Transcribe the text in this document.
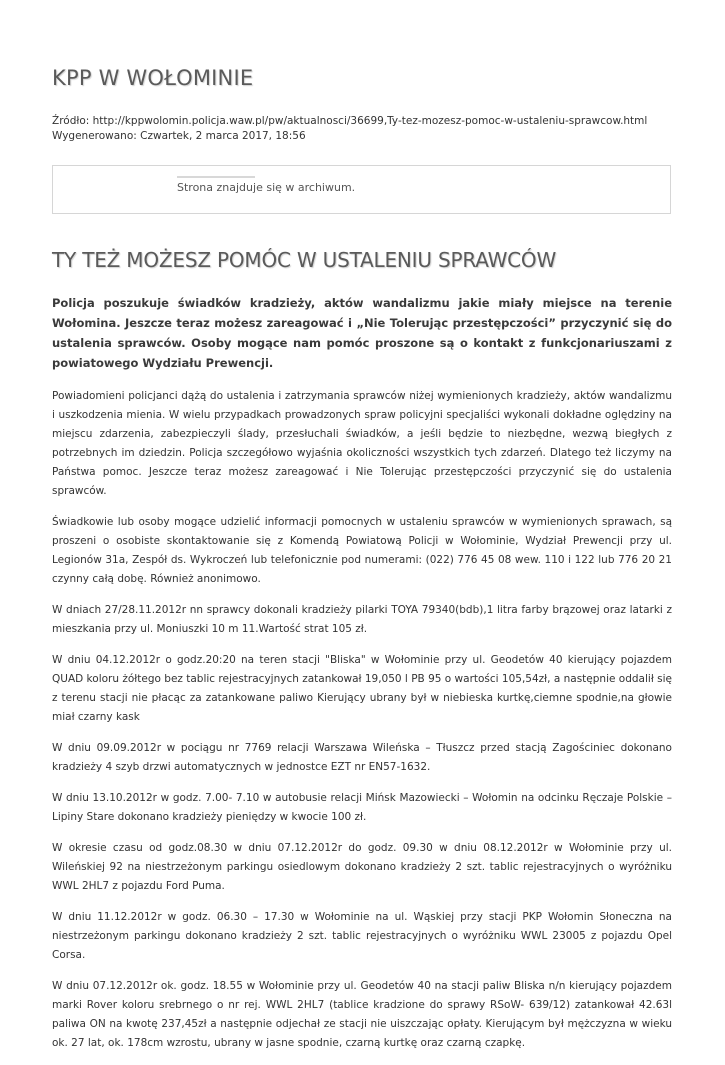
KPP W WOŁOMINIE
Źródło: http://kppwolomin.policja.waw.pl/pw/aktualnosci/36699,Ty-tez-mozesz-pomoc-w-ustaleniu-sprawcow.html
Wygenerowano: Czwartek, 2 marca 2017, 18:56
Strona znajduje się w archiwum.
TY TEŻ MOŻESZ POMÓC W USTALENIU SPRAWCÓW

Policja poszukuje świadków kradzieży, aktów wandalizmu jakie miały miejsce na terenie Wołomina. Jeszcze teraz możesz zareagować i „Nie Tolerując przestępczości” przyczynić się do ustalenia sprawców. Osoby mogące nam pomóc proszone są o kontakt z funkcjonariuszami z powiatowego Wydziału Prewencji.

Powiadomieni policjanci dążą do ustalenia i zatrzymania sprawców niżej wymienionych kradzieży, aktów wandalizmu i uszkodzenia mienia. W wielu przypadkach prowadzonych spraw policyjni specjaliści wykonali dokładne oględziny na miejscu zdarzenia, zabezpieczyli ślady, przesłuchali świadków, a jeśli będzie to niezbędne, wezwą biegłych z potrzebnych im dziedzin. Policja szczegółowo wyjaśnia okoliczności wszystkich tych zdarzeń. Dlatego też liczymy na Państwa pomoc. Jeszcze teraz możesz zareagować i Nie Tolerując przestępczości przyczynić się do ustalenia sprawców.

Świadkowie lub osoby mogące udzielić informacji pomocnych w ustaleniu sprawców w wymienionych sprawach, są proszeni o osobiste skontaktowanie się z Komendą Powiatową Policji w Wołominie, Wydział Prewencji przy ul. Legionów 31a, Zespół ds. Wykroczeń lub telefonicznie pod numerami: (022) 776 45 08 wew. 110 i 122 lub 776 20 21 czynny całą dobę. Również anonimowo.

W dniach 27/28.11.2012r nn sprawcy dokonali kradzieży pilarki TOYA 79340(bdb),1 litra farby brązowej oraz latarki z mieszkania przy ul. Moniuszki 10 m 11.Wartość strat 105 zł.

W dniu 04.12.2012r o godz.20:20 na teren stacji "Bliska" w Wołominie przy ul. Geodetów 40 kierujący pojazdem QUAD koloru żółtego bez tablic rejestracyjnych zatankował 19,050 l PB 95 o wartości 105,54zł, a następnie oddalił się z terenu stacji nie płacąc za zatankowane paliwo Kierujący ubrany był w niebieska kurtkę,ciemne spodnie,na głowie miał czarny kask

W dniu 09.09.2012r w pociągu nr 7769 relacji Warszawa Wileńska – Tłuszcz przed stacją Zagościniec dokonano kradzieży 4 szyb drzwi automatycznych w jednostce EZT nr EN57-1632.

W dniu 13.10.2012r w godz. 7.00- 7.10 w autobusie relacji Mińsk Mazowiecki – Wołomin na odcinku Ręczaje Polskie – Lipiny Stare dokonano kradzieży pieniędzy w kwocie 100 zł.

W okresie czasu od godz.08.30 w dniu 07.12.2012r do godz. 09.30 w dniu 08.12.2012r w Wołominie przy ul. Wileńskiej 92 na niestrzeżonym parkingu osiedlowym dokonano kradzieży 2 szt. tablic rejestracyjnych o wyróżniku WWL 2HL7 z pojazdu Ford Puma.

W dniu 11.12.2012r w godz. 06.30 – 17.30 w Wołominie na ul. Wąskiej przy stacji PKP Wołomin Słoneczna na niestrzeżonym parkingu dokonano kradzieży 2 szt. tablic rejestracyjnych o wyróżniku WWL 23005 z pojazdu Opel Corsa.

W dniu 07.12.2012r ok. godz. 18.55 w Wołominie przy ul. Geodetów 40 na stacji paliw Bliska n/n kierujący pojazdem marki Rover koloru srebrnego o nr rej. WWL 2HL7 (tablice kradzione do sprawy RSoW- 639/12) zatankował 42.63l paliwa ON na kwotę 237,45zł a następnie odjechał ze stacji nie uiszczając opłaty. Kierującym był mężczyzna w wieku ok. 27 lat, ok. 178cm wzrostu, ubrany w jasne spodnie, czarną kurtkę oraz czarną czapkę.
